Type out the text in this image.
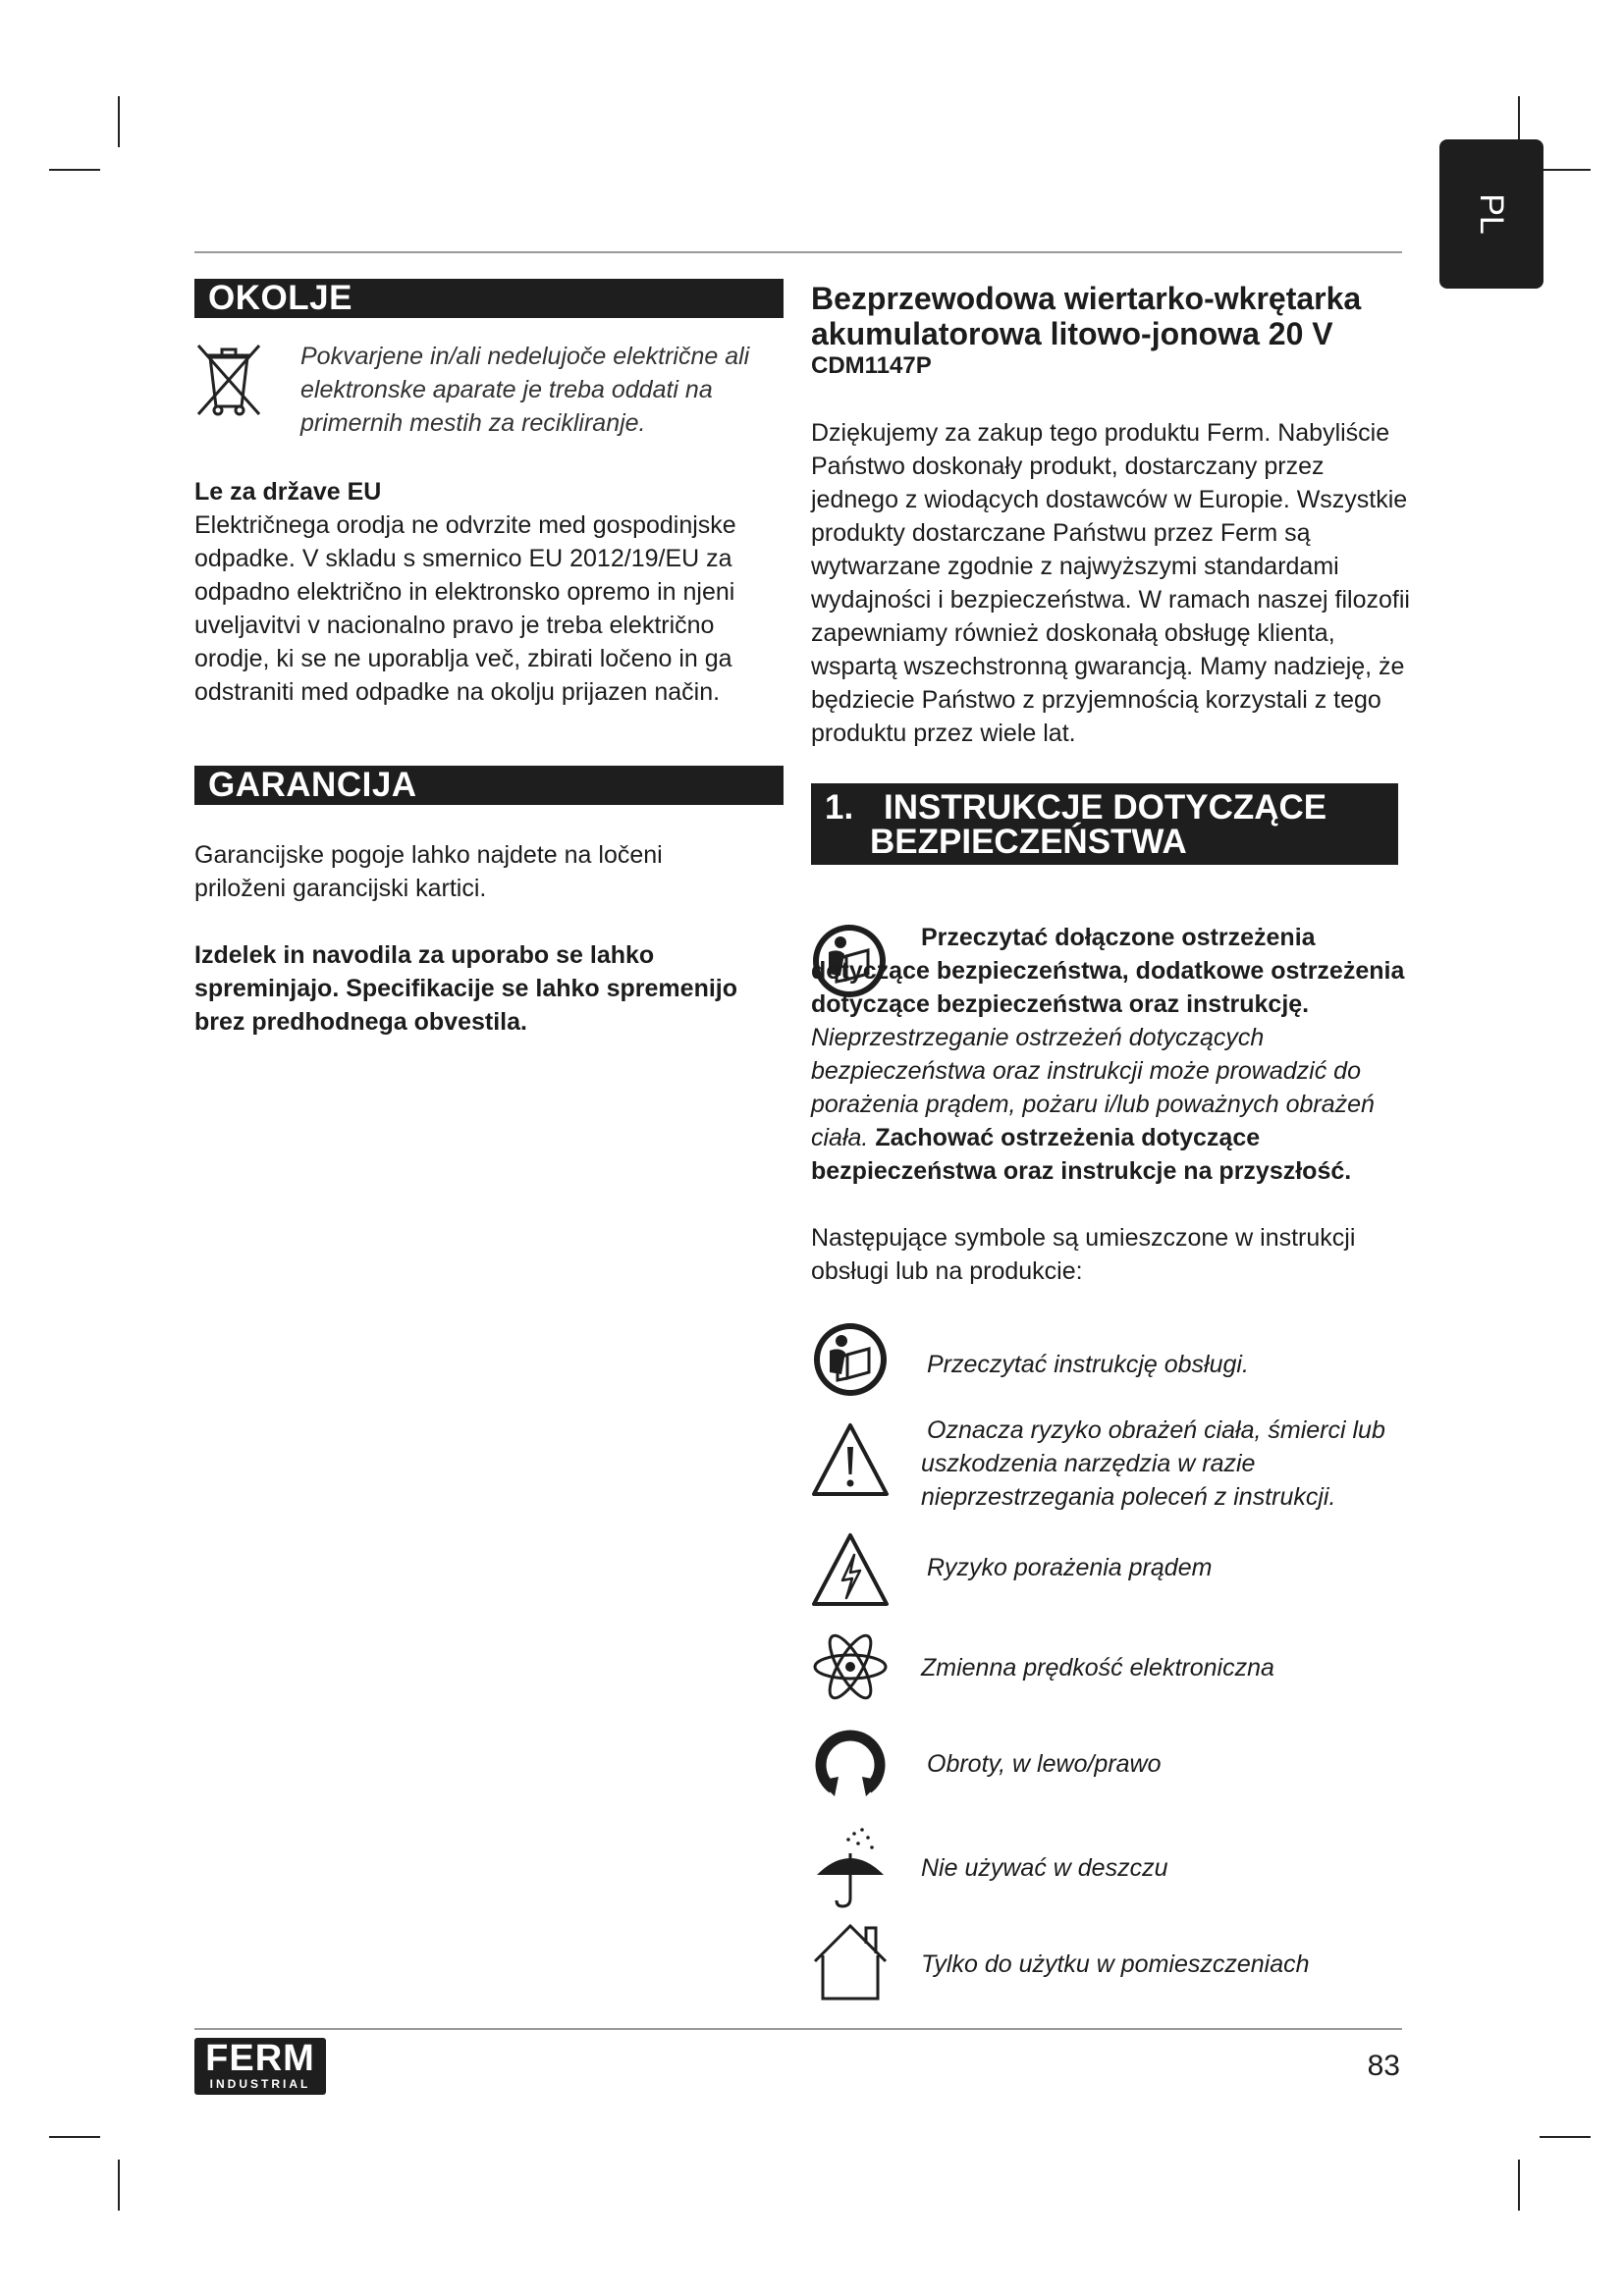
PL
OKOLJE

Pokvarjene in/ali nedelujoče električne ali elektronske aparate je treba oddati na primernih mestih za recikliranje.

Le za države EU

Električnega orodja ne odvrzite med gospodinjske odpadke. V skladu s smernico EU 2012/19/EU za odpadno električno in elektronsko opremo in njeni uveljavitvi v nacionalno pravo je treba električno orodje, ki se ne uporablja več, zbirati ločeno in ga odstraniti med odpadke na okolju prijazen način.

GARANCIJA

Garancijske pogoje lahko najdete na ločeni priloženi garancijski kartici.

Izdelek in navodila za uporabo se lahko spreminjajo. Specifikacije se lahko spremenijo brez predhodnega obvestila.

Bezprzewodowa wiertarko-wkrętarka akumulatorowa litowo-jonowa 20 V

CDM1147P

Dziękujemy za zakup tego produktu Ferm. Nabyliście Państwo doskonały produkt, dostarczany przez jednego z wiodących dostawców w Europie. Wszystkie produkty dostarczane Państwu przez Ferm są wytwarzane zgodnie z najwyższymi standardami wydajności i bezpieczeństwa. W ramach naszej filozofii zapewniamy również doskonałą obsługę klienta, wspartą wszechstronną gwarancją. Mamy nadzieję, że będziecie Państwo z przyjemnością korzystali z tego produktu przez wiele lat.

1. INSTRUKCJE DOTYCZĄCE
BEZPIECZEŃSTWA

Przeczytać dołączone ostrzeżenia dotyczące bezpieczeństwa, dodatkowe ostrzeżenia dotyczące bezpieczeństwa oraz instrukcję.

Nieprzestrzeganie ostrzeżeń dotyczących bezpieczeństwa oraz instrukcji może prowadzić do porażenia prądem, pożaru i/lub poważnych obrażeń ciała. Zachować ostrzeżenia dotyczące bezpieczeństwa oraz instrukcje na przyszłość.

Następujące symbole są umieszczone w instrukcji obsługi lub na produkcie:

Przeczytać instrukcję obsługi.
Oznacza ryzyko obrażeń ciała, śmierci lub uszkodzenia narzędzia w razie nieprzestrzegania poleceń z instrukcji.
Ryzyko porażenia prądem
Zmienna prędkość elektroniczna
Obroty, w lewo/prawo
Nie używać w deszczu
Tylko do użytku w pomieszczeniach
FERM
INDUSTRIAL
83
